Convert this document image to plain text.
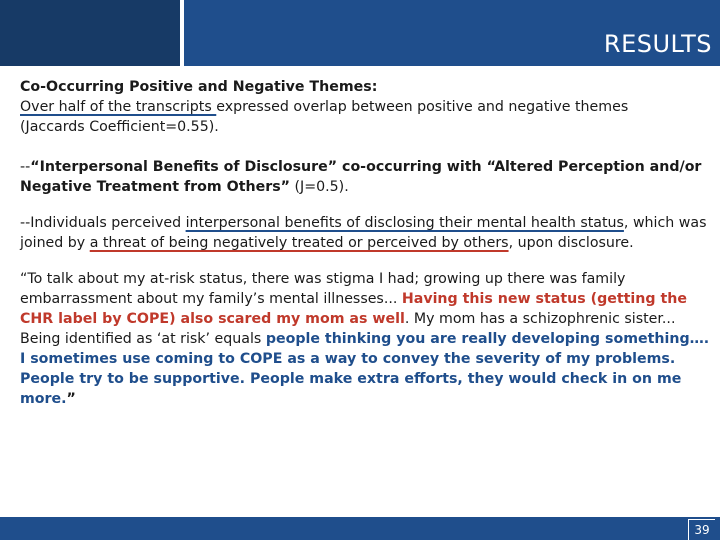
RESULTS

Co-Occurring Positive and Negative Themes:

Over half of the transcripts expressed overlap between positive and negative themes

(Jaccards Coefficient=0.55).

--“Interpersonal Benefits of Disclosure” co-occurring with “Altered Perception and/or Negative Treatment from Others” (J=0.5).

--Individuals perceived interpersonal benefits of disclosing their mental health status, which was joined by a threat of being negatively treated or perceived by others, upon disclosure.

“To talk about my at-risk status, there was stigma I had; growing up there was family embarrassment about my family’s mental illnesses... Having this new status (getting the CHR label by COPE) also scared my mom as well. My mom has a schizophrenic sister... Being identified as ‘at risk’ equals people thinking you are really developing something…. I sometimes use coming to COPE as a way to convey the severity of my problems. People try to be supportive. People make extra efforts, they would check in on me more.”

39
